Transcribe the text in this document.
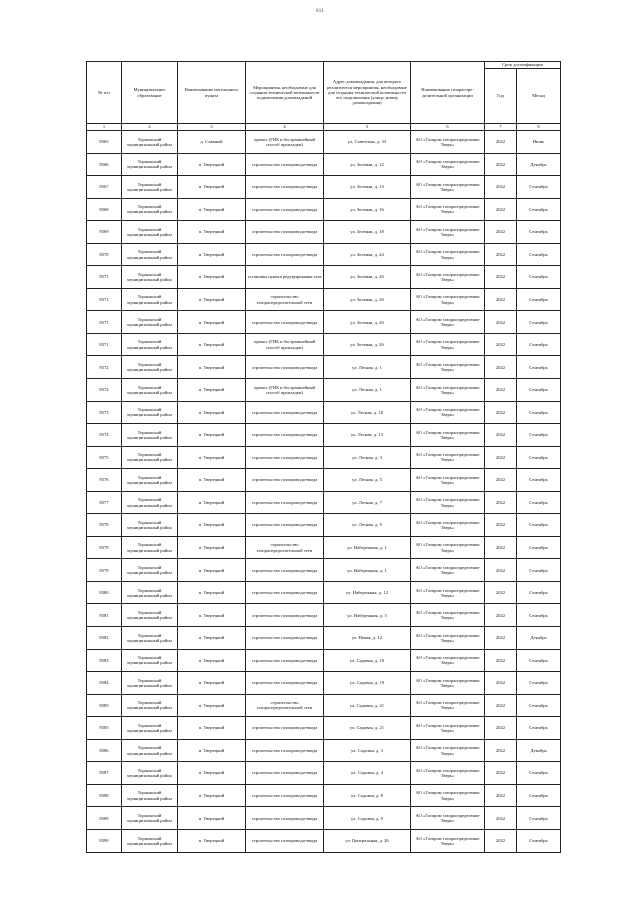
611
№ п/п	Муниципальное образование	Наименование населенного пункта	Мероприятия, необходимые для создания технической возможности подключения домовладений	Адрес домовладения, для которого реализуются мероприятия, необходимые для создания технической возможности его подключения (улица, номер домовладения)	Наименование газораспре-делительной организации	Срок догазификации	
						Год	Месяц
1	2	3	4	5	6	7	8
8565	Торжокский муниципальный район	д. Славный	прокол (ГНБ и бестраншейный способ прокладки)	ул. Советская, д. 33	АО «Газпром газораспределение Тверь»	2022	Июнь
8566	Торжокский муниципальный район	п. Тверецкий	строительство газопровода-ввода	ул. Зеленая, д. 12	АО «Газпром газораспределение Тверь»	2022	Декабрь
8567	Торжокский муниципальный район	п. Тверецкий	строительство газопровода-ввода	ул. Зеленая, д. 13	АО «Газпром газораспределение Тверь»	2022	Сентябрь
8568	Торжокский муниципальный район	п. Тверецкий	строительство газопровода-ввода	ул. Зеленая, д. 16	АО «Газпром газораспределение Тверь»	2022	Сентябрь
8569	Торжокский муниципальный район	п. Тверецкий	строительство газопровода-ввода	ул. Зеленая, д. 18	АО «Газпром газораспределение Тверь»	2022	Сентябрь
8570	Торжокский муниципальный район	п. Тверецкий	строительство газопровода-ввода	ул. Зеленая, д. 24	АО «Газпром газораспределение Тверь»	2022	Сентябрь
8571	Торжокский муниципальный район	п. Тверецкий	установка пункта редуцирования газа	ул. Зеленая, д. 26	АО «Газпром газораспределение Тверь»	2022	Сентябрь
8571	Торжокский муниципальный район	п. Тверецкий	строительство газораспределительной сети	ул. Зеленая, д. 26	АО «Газпром газораспределение Тверь»	2022	Сентябрь
8571	Торжокский муниципальный район	п. Тверецкий	строительство газопровода-ввода	ул. Зеленая, д. 26	АО «Газпром газораспределение Тверь»	2022	Сентябрь
8571	Торжокский муниципальный район	п. Тверецкий	прокол (ГНБ и бестраншейный способ прокладки)	ул. Зеленая, д. 26	АО «Газпром газораспределение Тверь»	2022	Сентябрь
8572	Торжокский муниципальный район	п. Тверецкий	строительство газопровода-ввода	ул. Лесная, д. 1	АО «Газпром газораспределение Тверь»	2022	Сентябрь
8572	Торжокский муниципальный район	п. Тверецкий	прокол (ГНБ и бестраншейный способ прокладки)	ул. Лесная, д. 1	АО «Газпром газораспределение Тверь»	2022	Сентябрь
8573	Торжокский муниципальный район	п. Тверецкий	строительство газопровода-ввода	ул. Лесная, д. 10	АО «Газпром газораспределение Тверь»	2022	Сентябрь
8574	Торжокский муниципальный район	п. Тверецкий	строительство газопровода-ввода	ул. Лесная, д. 13	АО «Газпром газораспределение Тверь»	2022	Сентябрь
8575	Торжокский муниципальный район	п. Тверецкий	строительство газопровода-ввода	ул. Лесная, д. 3	АО «Газпром газораспределение Тверь»	2022	Сентябрь
8576	Торжокский муниципальный район	п. Тверецкий	строительство газопровода-ввода	ул. Лесная, д. 5	АО «Газпром газораспределение Тверь»	2022	Сентябрь
8577	Торжокский муниципальный район	п. Тверецкий	строительство газопровода-ввода	ул. Лесная, д. 7	АО «Газпром газораспределение Тверь»	2022	Сентябрь
8578	Торжокский муниципальный район	п. Тверецкий	строительство газопровода-ввода	ул. Лесная, д. 9	АО «Газпром газораспределение Тверь»	2022	Сентябрь
8579	Торжокский муниципальный район	п. Тверецкий	строительство газораспределительной сети	ул. Набережная, д. 1	АО «Газпром газораспределение Тверь»	2022	Сентябрь
8579	Торжокский муниципальный район	п. Тверецкий	строительство газопровода-ввода	ул. Набережная, д. 1	АО «Газпром газораспределение Тверь»	2022	Сентябрь
8580	Торжокский муниципальный район	п. Тверецкий	строительство газопровода-ввода	ул. Набережная, д. 12	АО «Газпром газораспределение Тверь»	2022	Сентябрь
8581	Торжокский муниципальный район	п. Тверецкий	строительство газопровода-ввода	ул. Набережная, д. 5	АО «Газпром газораспределение Тверь»	2022	Сентябрь
8582	Торжокский муниципальный район	п. Тверецкий	строительство газопровода-ввода	ул. Новая, д. 12	АО «Газпром газораспределение Тверь»	2022	Декабрь
8583	Торжокский муниципальный район	п. Тверецкий	строительство газопровода-ввода	ул. Садовая, д. 10	АО «Газпром газораспределение Тверь»	2022	Сентябрь
8584	Торжокский муниципальный район	п. Тверецкий	строительство газопровода-ввода	ул. Садовая, д. 19	АО «Газпром газораспределение Тверь»	2022	Сентябрь
8585	Торжокский муниципальный район	п. Тверецкий	строительство газораспределительной сети	ул. Садовая, д. 21	АО «Газпром газораспределение Тверь»	2022	Сентябрь
8585	Торжокский муниципальный район	п. Тверецкий	строительство газопровода-ввода	ул. Садовая, д. 21	АО «Газпром газораспределение Тверь»	2022	Сентябрь
8586	Торжокский муниципальный район	п. Тверецкий	строительство газопровода-ввода	ул. Садовая, д. 3	АО «Газпром газораспределение Тверь»	2022	Декабрь
8587	Торжокский муниципальный район	п. Тверецкий	строительство газопровода-ввода	ул. Садовая, д. 4	АО «Газпром газораспределение Тверь»	2022	Сентябрь
8588	Торжокский муниципальный район	п. Тверецкий	строительство газопровода-ввода	ул. Садовая, д. 8	АО «Газпром газораспределение Тверь»	2022	Сентябрь
8589	Торжокский муниципальный район	п. Тверецкий	строительство газопровода-ввода	ул. Садовая, д. 9	АО «Газпром газораспределение Тверь»	2022	Сентябрь
8590	Торжокский муниципальный район	п. Тверецкий	строительство газопровода-ввода	ул. Центральная, д. 26	АО «Газпром газораспределение Тверь»	2022	Сентябрь
